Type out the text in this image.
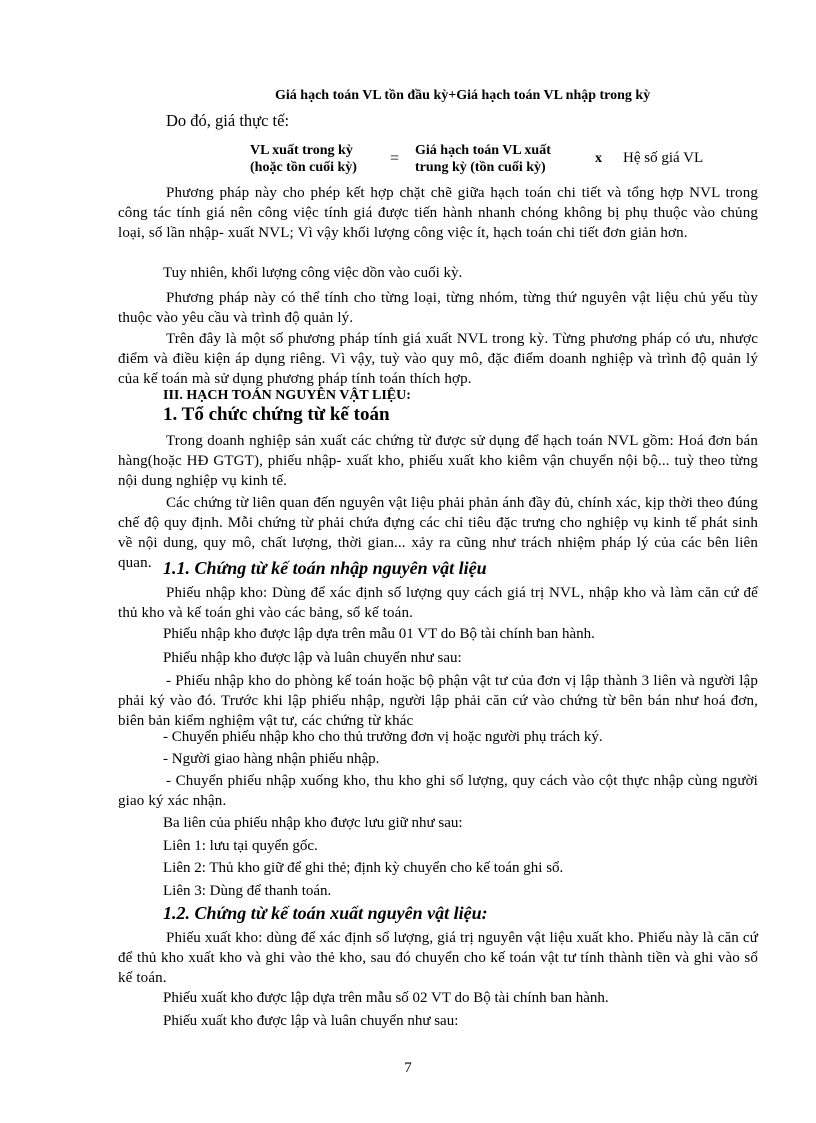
Giá hạch toán VL tồn đầu kỳ+Giá hạch toán VL nhập trong kỳ
Do đó, giá thực tế:
VL xuất trong kỳ
(hoặc tồn cuối kỳ)
= Giá hạch toán VL xuất
trung kỳ (tồn cuối kỳ)
x Hệ số giá VL

Phương pháp này cho phép kết hợp chặt chẽ giữa hạch toán chi tiết và tổng hợp NVL trong công tác tính giá nên công việc tính giá được tiến hành nhanh chóng không bị phụ thuộc vào chủng loại, số lần nhập- xuất NVL; Vì vậy khối lượng công việc ít, hạch toán chi tiết đơn giản hơn.

Tuy nhiên, khối lượng công việc dồn vào cuối kỳ.

Phương pháp này có thể tính cho từng loại, từng nhóm, từng thứ nguyên vật liệu chủ yếu tùy thuộc vào yêu cầu và trình độ quản lý.

Trên đây là một số phương pháp tính giá xuất NVL trong kỳ. Từng phương pháp có ưu, nhược điểm và điều kiện áp dụng riêng. Vì vậy, tuỳ vào quy mô, đặc điểm doanh nghiệp và trình độ quản lý của kế toán mà sử dụng phương pháp tính toán thích hợp.

III. HẠCH TOÁN NGUYÊN VẬT LIỆU:
1. Tổ chức chứng từ kế toán

Trong doanh nghiệp sản xuất các chứng từ được sử dụng để hạch toán NVL gồm: Hoá đơn bán hàng(hoặc HĐ GTGT), phiếu nhập- xuất kho, phiếu xuất kho kiêm vận chuyển nội bộ... tuỳ theo từng nội dung nghiệp vụ kinh tế.

Các chứng từ liên quan đến nguyên vật liệu phải phản ánh đầy đủ, chính xác, kịp thời theo đúng chế độ quy định. Mỗi chứng từ phải chứa đựng các chỉ tiêu đặc trưng cho nghiệp vụ kinh tế phát sinh về nội dung, quy mô, chất lượng, thời gian... xảy ra cũng như trách nhiệm pháp lý của các bên liên quan. 1.1. Chứng từ kế toán nhập nguyên vật liệu

Phiếu nhập kho: Dùng để xác định số lượng quy cách giá trị NVL, nhập kho và làm căn cứ để thủ kho và kế toán ghi vào các bảng, sổ kế toán.

Phiếu nhập kho được lập dựa trên mẫu 01 VT do Bộ tài chính ban hành.
Phiếu nhập kho được lập và luân chuyển như sau:

- Phiếu nhập kho do phòng kế toán hoặc bộ phận vật tư của đơn vị lập thành 3 liên và người lập phải ký vào đó. Trước khi lập phiếu nhập, người lập phải căn cứ vào chứng từ bên bán như hoá đơn, biên bản kiểm nghiệm vật tư, các chứng từ khác

- Chuyển phiếu nhập kho cho thủ trưởng đơn vị hoặc người phụ trách ký.
- Người giao hàng nhận phiếu nhập.

- Chuyển phiếu nhập xuống kho, thu kho ghi số lượng, quy cách vào cột thực nhập cùng người giao ký xác nhận.

Ba liên của phiếu nhập kho được lưu giữ như sau:
Liên 1: lưu tại quyển gốc.
Liên 2: Thủ kho giữ để ghi thẻ; định kỳ chuyển cho kế toán ghi sổ.
Liên 3: Dùng để thanh toán.
1.2. Chứng từ kế toán xuất nguyên vật liệu:

Phiếu xuất kho: dùng để xác định số lượng, giá trị nguyên vật liệu xuất kho. Phiếu này là căn cứ để thủ kho xuất kho và ghi vào thẻ kho, sau đó chuyển cho kế toán vật tư tính thành tiền và ghi vào sổ kế toán.

Phiếu xuất kho được lập dựa trên mẫu số 02 VT do Bộ tài chính ban hành.
Phiếu xuất kho được lập và luân chuyển như sau:
7
